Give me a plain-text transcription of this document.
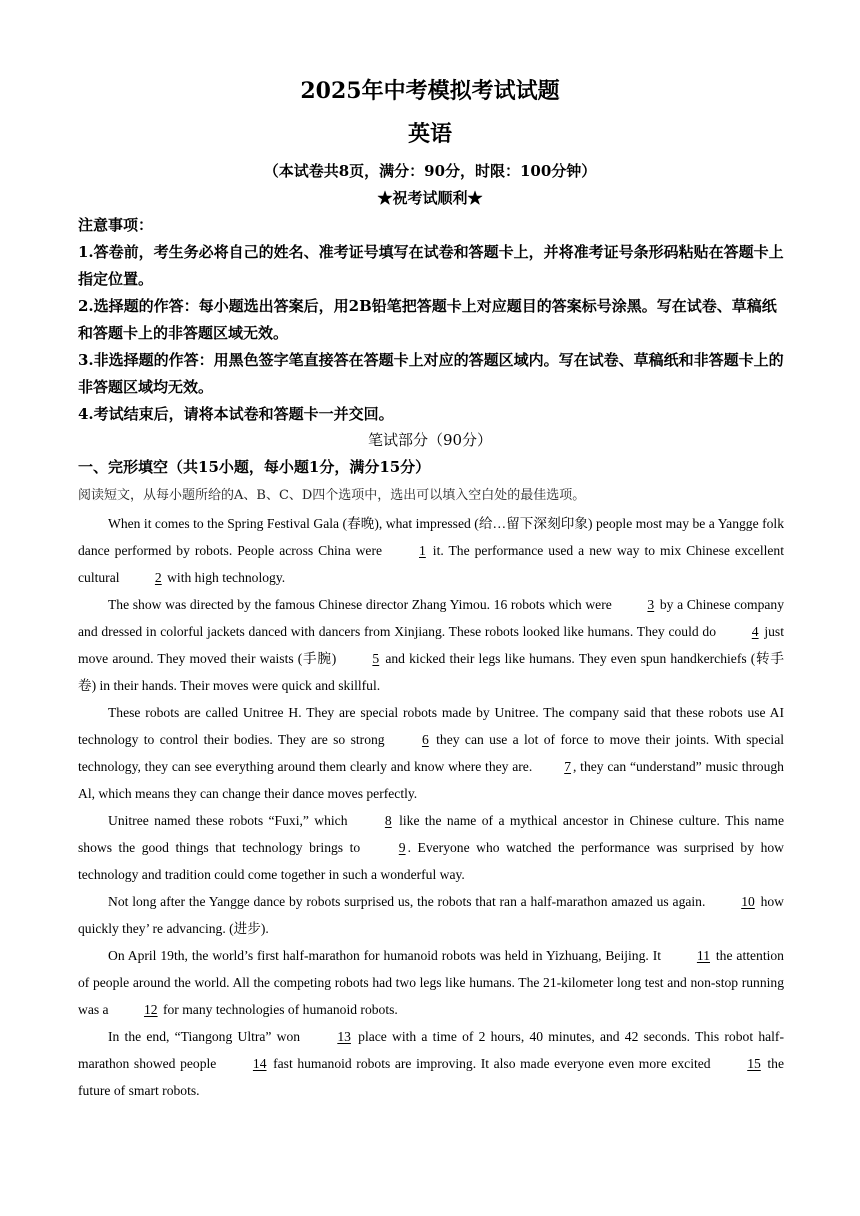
2025年中考模拟考试试题
英语
（本试卷共8页，满分：90分，时限：100分钟）
★祝考试顺利★
注意事项：
1.答卷前，考生务必将自己的姓名、准考证号填写在试卷和答题卡上，并将准考证号条形码粘贴在答题卡上指定位置。
2.选择题的作答：每小题选出答案后，用2B铅笔把答题卡上对应题目的答案标号涂黑。写在试卷、草稿纸和答题卡上的非答题区域无效。
3.非选择题的作答：用黑色签字笔直接答在答题卡上对应的答题区域内。写在试卷、草稿纸和非答题卡上的非答题区域均无效。
4.考试结束后，请将本试卷和答题卡一并交回。
笔试部分（90分）
一、完形填空（共15小题，每小题1分，满分15分）
阅读短文，从每小题所给的A、B、C、D四个选项中，选出可以填入空白处的最佳选项。

When it comes to the Spring Festival Gala (春晚), what impressed (给…留下深刻印象) people most may be a Yangge folk dance performed by robots. People across China were 1 it. The performance used a new way to mix Chinese excellent cultural 2 with high technology.

The show was directed by the famous Chinese director Zhang Yimou. 16 robots which were 3 by a Chinese company and dressed in colorful jackets danced with dancers from Xinjiang. These robots looked like humans. They could do 4 just move around. They moved their waists (手腕) 5 and kicked their legs like humans. They even spun handkerchiefs (转手卷) in their hands. Their moves were quick and skillful.

These robots are called Unitree H. They are special robots made by Unitree. The company said that these robots use AI technology to control their bodies. They are so strong 6 they can use a lot of force to move their joints. With special technology, they can see everything around them clearly and know where they are. 7 , they can “understand” music through Al, which means they can change their dance moves perfectly.

Unitree named these robots “Fuxi,” which 8 like the name of a mythical ancestor in Chinese culture. This name shows the good things that technology brings to 9 . Everyone who watched the performance was surprised by how technology and tradition could come together in such a wonderful way.

Not long after the Yangge dance by robots surprised us, the robots that ran a half-marathon amazed us again. 10 how quickly they’ re advancing. (进步).

On April 19th, the world’s first half-marathon for humanoid robots was held in Yizhuang, Beijing. It 11 the attention of people around the world. All the competing robots had two legs like humans. The 21-kilometer long test and non-stop running was a 12 for many technologies of humanoid robots.

In the end, “Tiangong Ultra” won 13 place with a time of 2 hours, 40 minutes, and 42 seconds. This robot half-marathon showed people 14 fast humanoid robots are improving. It also made everyone even more excited 15 the future of smart robots.
